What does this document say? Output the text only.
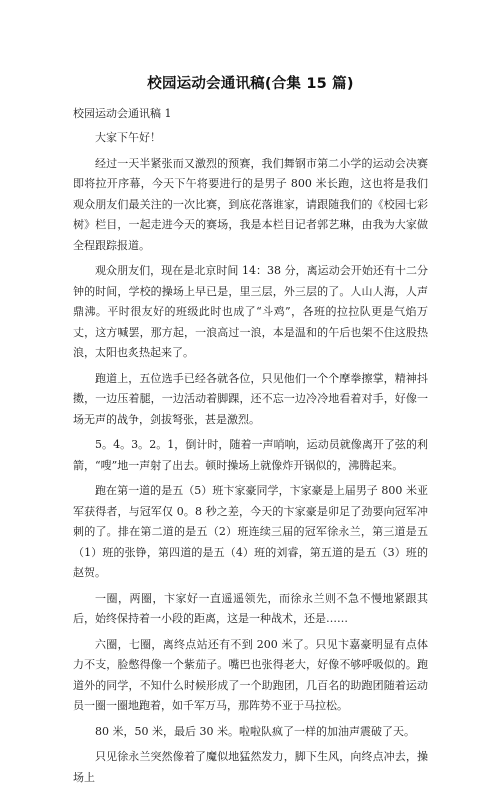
校园运动会通讯稿(合集 15 篇)
校园运动会通讯稿 1

大家下午好！

经过一天半紧张而又激烈的预赛，我们舞钢市第二小学的运动会决赛即将拉开序幕，今天下午将要进行的是男子 800 米长跑，这也将是我们观众朋友们最关注的一次比赛，到底花落谁家，请跟随我们的《校园七彩树》栏目，一起走进今天的赛场，我是本栏目记者郭艺琳，由我为大家做全程跟踪报道。

观众朋友们，现在是北京时间 14：38 分，离运动会开始还有十二分钟的时间，学校的操场上早已是，里三层，外三层的了。人山人海，人声鼎沸。平时很友好的班级此时也成了“斗鸡”，各班的拉拉队更是气焰万丈，这方喊罢，那方起，一浪高过一浪，本是温和的午后也架不住这股热浪，太阳也炙热起来了。

跑道上，五位选手已经各就各位，只见他们一个个摩拳擦掌，精神抖擞，一边压着腿，一边活动着脚踝，还不忘一边冷冷地看着对手，好像一场无声的战争，剑拔弩张，甚是激烈。

5。4。3。2。1，倒计时，随着一声哨响，运动员就像离开了弦的利箭，“嗖”地一声射了出去。顿时操场上就像炸开锅似的，沸腾起来。

跑在第一道的是五（5）班卞家豪同学，卞家豪是上届男子 800 米亚军获得者，与冠军仅 0。8 秒之差，今天的卞家豪是卯足了劲要向冠军冲刺的了。排在第二道的是五（2）班连续三届的冠军徐永兰，第三道是五（1）班的张铮，第四道的是五（4）班的刘睿，第五道的是五（3）班的赵贺。

一圈，两圈，卞家好一直遥遥领先，而徐永兰则不急不慢地紧跟其后，始终保持着一小段的距离，这是一种战术，还是……

六圈，七圈，离终点站还有不到 200 米了。只见卞嘉豪明显有点体力不支，脸憋得像一个紫茄子。嘴巴也张得老大，好像不够呼吸似的。跑道外的同学，不知什么时候形成了一个助跑团，几百名的助跑团随着运动员一圈一圈地跑着，如千军万马，那阵势不亚于马拉松。

80 米，50 米，最后 30 米。啦啦队疯了一样的加油声震破了天。

只见徐永兰突然像着了魔似地猛然发力，脚下生风，向终点冲去，操场上
